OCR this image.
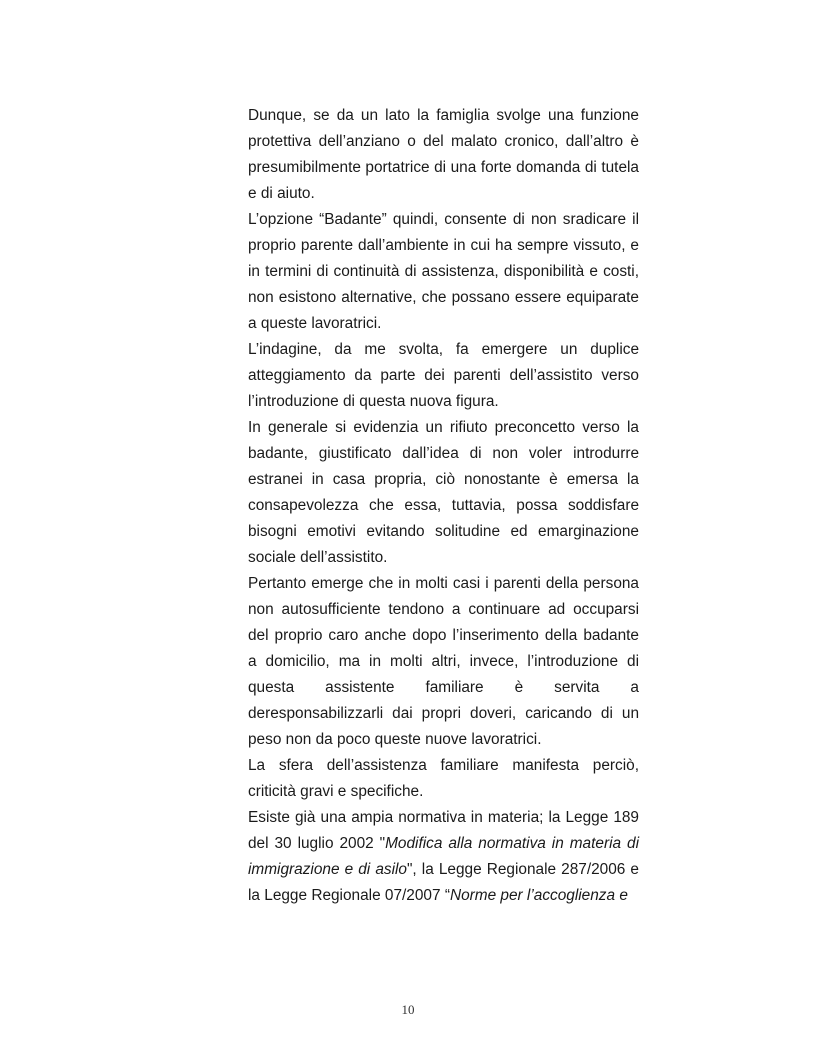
Dunque, se da un lato la famiglia svolge una funzione protettiva dell’anziano o del malato cronico, dall’altro è presumibilmente portatrice di una forte domanda di tutela e di aiuto.

L’opzione “Badante” quindi, consente di non sradicare il proprio parente dall’ambiente in cui ha sempre vissuto, e in termini di continuità di assistenza, disponibilità e costi, non esistono alternative, che possano essere equiparate a queste lavoratrici.

L’indagine, da me svolta, fa emergere un duplice atteggiamento da parte dei parenti dell’assistito verso l’introduzione di questa nuova figura.

In generale si evidenzia un rifiuto preconcetto verso la badante, giustificato dall’idea di non voler introdurre estranei in casa propria, ciò nonostante è emersa la consapevolezza che essa, tuttavia, possa soddisfare bisogni emotivi evitando solitudine ed emarginazione sociale dell’assistito.

Pertanto emerge che in molti casi i parenti della persona non autosufficiente tendono a continuare ad occuparsi del proprio caro anche dopo l’inserimento della badante a domicilio, ma in molti altri, invece, l’introduzione di questa assistente familiare è servita a deresponsabilizzarli dai propri doveri, caricando di un peso non da poco queste nuove lavoratrici.

La sfera dell’assistenza familiare manifesta perciò, criticità gravi e specifiche.

Esiste già una ampia normativa in materia; la Legge 189 del 30 luglio 2002 "Modifica alla normativa in materia di immigrazione e di asilo", la Legge Regionale 287/2006 e la Legge Regionale 07/2007 “Norme per l’accoglienza e

10
